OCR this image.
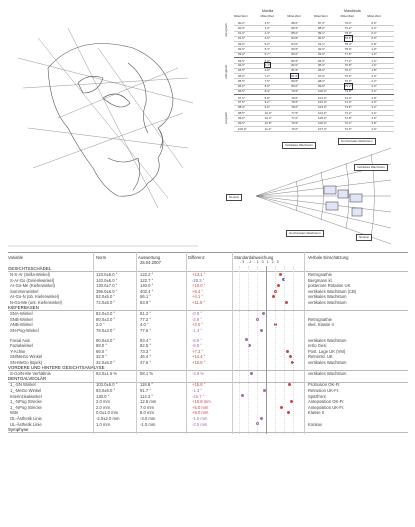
Maxilla	Mandibula
Mittel-Wert	Mittel-Wert	Mittel-Wert	Mittel-Wert	Mittel-Wert	Mittel-Wert
90.0°	3.5°	88.0°	87.3°	79.4°	0.0°
90.0°	4.0°	86.5°	88.0°	79.2°	0.2°
91.0°	4.3°	85.0°	89.1°	78.9°	0.4°
91.5°	4.6°	84.5°	90.0°	78.6°	0.6°
92.0°	5.0°	84.0°	91.1°	78.3°	0.8°
92.5°	5.4°	83.5°	92.0°	78.0°	1.0°
93.0°	5.7°	83.0°	93.0°	77.6°	1.2°
93.5°	6.0°	82.5°	94.0°	77.2°	1.4°
94.0°	6.4°	82.0°	95.0°	76.8°	1.6°
94.5°	6.8°	81.5°	96.0°	76.4°	1.8°
95.0°	7.2°	81.0°	97.0°	76.0°	2.0°
95.5°	7.6°	80.5°	98.0°	75.6°	2.2°
96.0°	8.0°	80.0°	99.0°	75.2°	2.4°
96.5°	8.4°	79.5°	100.0°	74.8°	2.6°
97.0°	8.8°	79.0°	101.0°	74.4°	2.8°
97.5°	9.2°	78.5°	102.0°	74.0°	3.0°
98.0°	9.6°	78.0°	103.0°	73.6°	3.2°
98.5°	10.0°	77.5°	104.0°	73.2°	3.4°
99.0°	10.4°	77.0°	105.0°	72.8°	3.6°
99.5°	10.8°	76.5°	106.0°	72.4°	3.8°
100.0°	11.2°	76.0°	107.0°	72.0°	4.0°
retrognath
orthognath
prognath
Vertikales Wachstum
Horizontales Wachstum
Neutral
Vertikales Wachstum
Horizontales Wachstum
Neutral
Variable	Norm	Auswertung
25.04.2007
Differenz	Standardabweichung
-3 -2 -1 0 1 2 3
Verbale Einschätzung
GESICHTSSCHÄDEL
N-S-Ar (Sella-Winkel)	123.0±5.0 °	122.2 °	+13.1 °	Retrognathie
S-Ar-Go (Gelenkwinkel)	143.0±6.0 °	122.7 °	-20.3 °	Bergmann kl.
Ar-Go-Me (Kieferwinkel)	130.0±7.0 °	140.0 °	+10.0 °	posteriore Rotation UK
Summenwinkel	396.0±6.0 °	402.4 °	+6.4 °	vertikales Wachstum (CB)
Ar-Go-N (ob. Kieferwinkel)	52.0±5.0 °	56.1 °	+4.1 °	vertikales Wachstum
N-Go-Me (unt. Kieferwinkel)	72.0±5.0 °	83.9 °	+11.9 °	vertikales Wachstum
KIEFERBASEN
SNA-Winkel	82.0±3.0 °	81.2 °	-0.8 °
SNB-Winkel	80.0±3.0 °	77.2 °	-2.8 °	Retrognathie
ANB-Winkel	2.0 °	4.0 °	+2.0 °	skel. Klasse II
SN-Pog-Winkel	79.0±3.0 °	77.6 °	-1.4 °
Facial Axis	90.0±3.0 °	83.4 °	-6.6 °	vertikales Wachstum
Fazialwinkel	88.0 °	82.5 °	-5.5 °	retro Gesi
Y-Achse	66.0 °	73.3 °	+7.3 °	Post. Lage UK (VM)
SN/MeGo Winkel	32.0 °	46.4 °	+14.4 °	Retroinkl. UK
SN-MeGo (Bjork)	32.0±5.0 °	47.6 °	+15.6 °	vertikales Wachstum
VORDERE UND HINTERE GESICHTSANALYSE
S-Go/N-Me Verhältnis	63.0±1.5 %	58.1 %	-4.9 %	vertikales Wachstum
DENTOALVEOLÄR
1_-SN Winkel	103.0±6.0 °	118.8 °	+15.8 °	Protrusion OK-Fr.
1_-MeGo Winkel	93.0±6.0 °	91.7 °	-1.3 °	Retrusion UK-Fr.
Interinzisalwinkel	130.0 °	114.3 °	-15.7 °	Spitzfront
1_-NPog Strecke	2.0 mm	12.8 mm	+10.8 mm	Anteposition OK-Fr.
1_-NPog Strecke	2.0 mm	7.0 mm	+5.0 mm	Anteposition UK-Fr.
Wits	0.0±1.0 mm	5.0 mm	+5.0 mm	Klasse II
OL-Ästhetik Linie	-2.0±2.0 mm	-3.0 mm	-1.0 mm
UL-Ästhetik Linie	1.0 mm	-1.0 mm	-2.0 mm	Konkav
Symphyse
